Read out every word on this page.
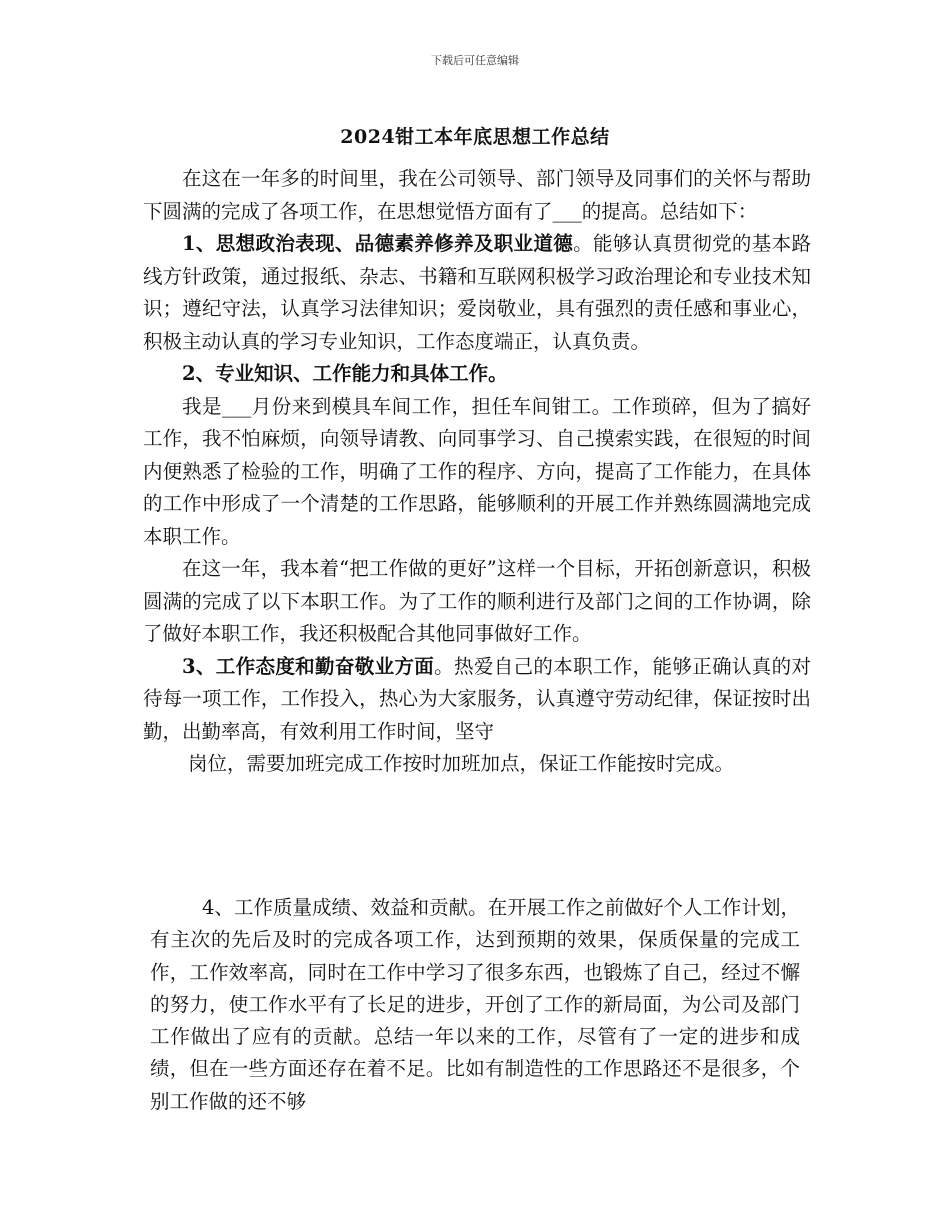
下载后可任意编辑
2024钳工本年底思想工作总结

在这在一年多的时间里，我在公司领导、部门领导及同事们的关怀与帮助下圆满的完成了各项工作，在思想觉悟方面有了___的提高。总结如下：

1、思想政治表现、品德素养修养及职业道德。能够认真贯彻党的基本路线方针政策，通过报纸、杂志、书籍和互联网积极学习政治理论和专业技术知识；遵纪守法，认真学习法律知识；爱岗敬业，具有强烈的责任感和事业心，积极主动认真的学习专业知识，工作态度端正，认真负责。

2、专业知识、工作能力和具体工作。

我是___月份来到模具车间工作，担任车间钳工。工作琐碎，但为了搞好工作，我不怕麻烦，向领导请教、向同事学习、自己摸索实践，在很短的时间内便熟悉了检验的工作，明确了工作的程序、方向，提高了工作能力，在具体的工作中形成了一个清楚的工作思路，能够顺利的开展工作并熟练圆满地完成本职工作。

在这一年，我本着“把工作做的更好”这样一个目标，开拓创新意识，积极圆满的完成了以下本职工作。为了工作的顺利进行及部门之间的工作协调，除了做好本职工作，我还积极配合其他同事做好工作。

3、工作态度和勤奋敬业方面。热爱自己的本职工作，能够正确认真的对待每一项工作，工作投入，热心为大家服务，认真遵守劳动纪律，保证按时出勤，出勤率高，有效利用工作时间，坚守

岗位，需要加班完成工作按时加班加点，保证工作能按时完成。

4、工作质量成绩、效益和贡献。在开展工作之前做好个人工作计划，有主次的先后及时的完成各项工作，达到预期的效果，保质保量的完成工作，工作效率高，同时在工作中学习了很多东西，也锻炼了自己，经过不懈的努力，使工作水平有了长足的进步，开创了工作的新局面，为公司及部门工作做出了应有的贡献。总结一年以来的工作，尽管有了一定的进步和成绩，但在一些方面还存在着不足。比如有制造性的工作思路还不是很多，个别工作做的还不够
